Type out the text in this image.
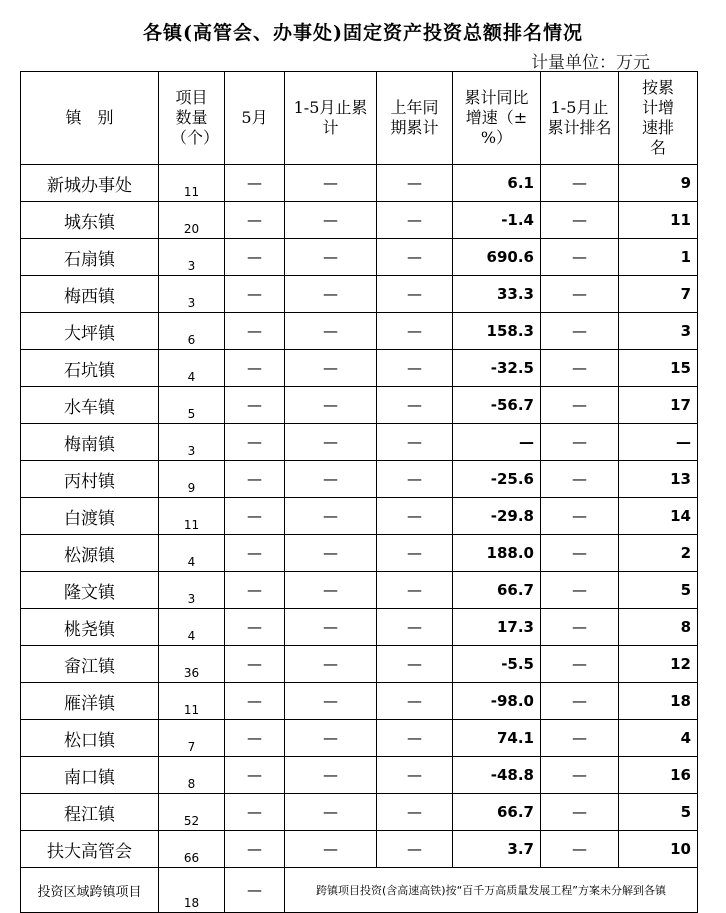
各镇(高管会、办事处)固定资产投资总额排名情况
计量单位：万元
镇　别	项目数量（个）	5月	1-5月止累计	上年同期累计	累计同比增速（±%）	1-5月止累计排名	按累计增速排名
新城办事处	11	—	—	—	6.1	—	9
城东镇	20	—	—	—	-1.4	—	11
石扇镇	3	—	—	—	690.6	—	1
梅西镇	3	—	—	—	33.3	—	7
大坪镇	6	—	—	—	158.3	—	3
石坑镇	4	—	—	—	-32.5	—	15
水车镇	5	—	—	—	-56.7	—	17
梅南镇	3	—	—	—	—	—	—
丙村镇	9	—	—	—	-25.6	—	13
白渡镇	11	—	—	—	-29.8	—	14
松源镇	4	—	—	—	188.0	—	2
隆文镇	3	—	—	—	66.7	—	5
桃尧镇	4	—	—	—	17.3	—	8
畲江镇	36	—	—	—	-5.5	—	12
雁洋镇	11	—	—	—	-98.0	—	18
松口镇	7	—	—	—	74.1	—	4
南口镇	8	—	—	—	-48.8	—	16
程江镇	52	—	—	—	66.7	—	5
扶大高管会	66	—	—	—	3.7	—	10
投资区域跨镇项目	18	—	跨镇项目投资(含高速高铁)按“百千万高质量发展工程”方案未分解到各镇				
